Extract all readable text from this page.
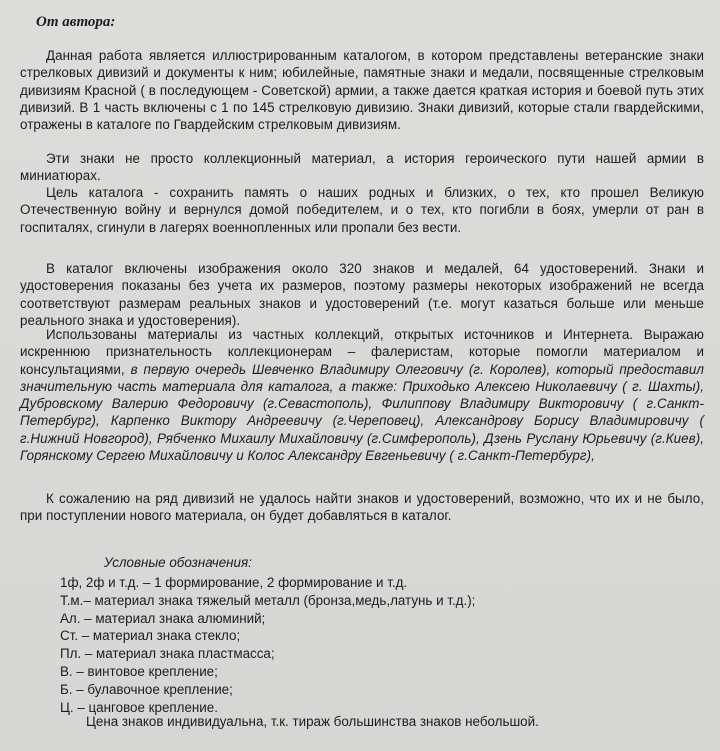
От автора:

Данная работа является иллюстрированным каталогом, в котором представлены ветеранские знаки стрелковых дивизий и документы к ним; юбилейные, памятные знаки и медали, посвященные стрелковым дивизиям Красной ( в последующем - Советской) армии, а также дается краткая история и боевой путь этих дивизий. В 1 часть включены с 1 по 145 стрелковую дивизию. Знаки дивизий, которые стали гвардейскими, отражены в каталоге по Гвардейским стрелковым дивизиям.

Эти знаки не просто коллекционный материал, а история героического пути нашей армии в миниатюрах.

Цель каталога - сохранить память о наших родных и близких, о тех, кто прошел Великую Отечественную войну и вернулся домой победителем, и о тех, кто погибли в боях, умерли от ран в госпиталях, сгинули в лагерях военнопленных или пропали без вести.

В каталог включены изображения около 320 знаков и медалей, 64 удостоверений. Знаки и удостоверения показаны без учета их размеров, поэтому размеры некоторых изображений не всегда соответствуют размерам реальных знаков и удостоверений (т.е. могут казаться больше или меньше реального знака и удостоверения).

Использованы материалы из частных коллекций, открытых источников и Интернета. Выражаю искреннюю признательность коллекционерам – фалеристам, которые помогли материалом и консультациями, в первую очередь Шевченко Владимиру Олеговичу (г. Королев), который предоставил значительную часть материала для каталога, а также: Приходько Алексею Николаевичу ( г. Шахты), Дубровскому Валерию Федоровичу (г.Севастополь), Филиппову Владимиру Викторовичу ( г.Санкт-Петербург), Карпенко Виктору Андреевичу (г.Череповец), Александрову Борису Владимировичу ( г.Нижний Новгород), Рябченко Михаилу Михайловичу (г.Симферополь), Дзень Руслану Юрьевичу (г.Киев), Горянскому Сергею Михайловичу и Колос Александру Евгеньевичу ( г.Санкт-Петербург),

К сожалению на ряд дивизий не удалось найти знаков и удостоверений, возможно, что их и не было, при поступлении нового материала, он будет добавляться в каталог.

Условные обозначения:

1ф, 2ф и т.д. – 1 формирование, 2 формирование и т.д.
Т.м.– материал знака тяжелый металл (бронза,медь,латунь и т.д.);
Ал. – материал знака алюминий;
Ст. – материал знака стекло;
Пл. – материал знака пластмасса;
В. – винтовое крепление;
Б. – булавочное крепление;
Ц. – цанговое крепление.

Цена знаков индивидуальна, т.к. тираж большинства знаков небольшой.
